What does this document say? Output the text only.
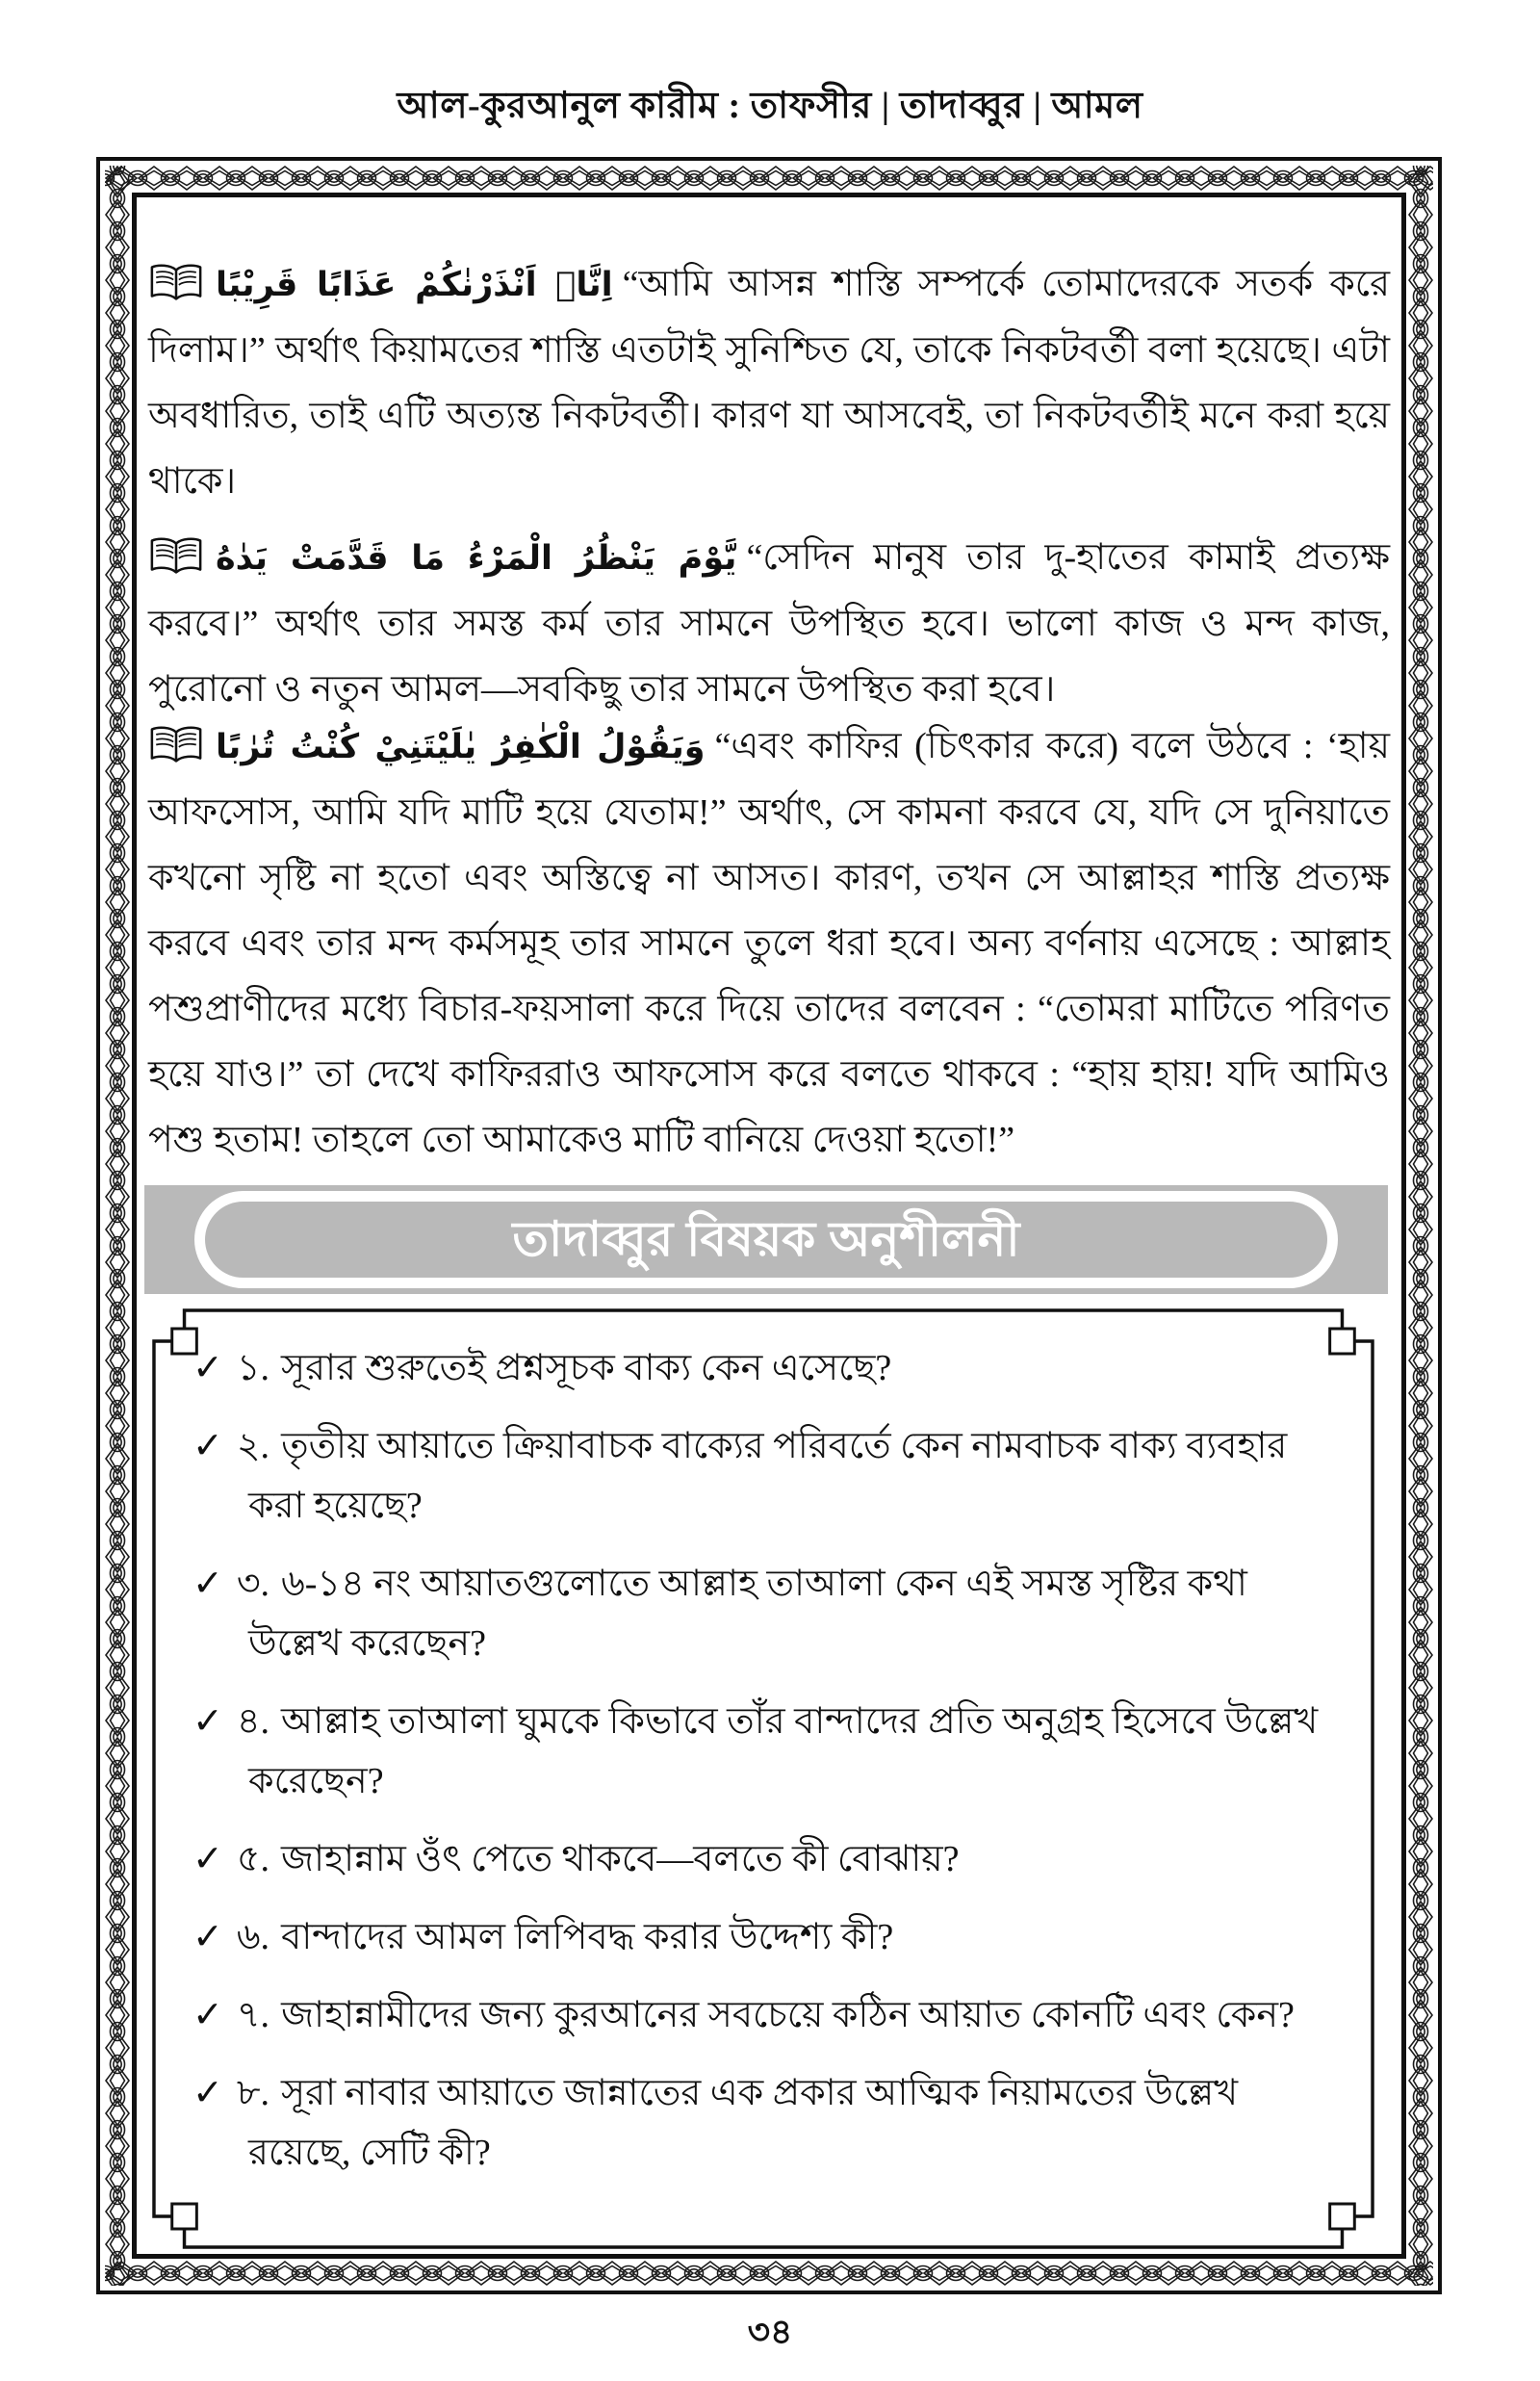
আল-কুরআনুল কারীম : তাফসীর | তাদাব্বুর | আমল

اِنَّاۤ اَنْذَرْنٰكُمْ عَذَابًا قَرِيْبًا “আমি আসন্ন শাস্তি সম্পর্কে তোমাদেরকে সতর্ক করে দিলাম।” অর্থাৎ কিয়ামতের শাস্তি এতটাই সুনিশ্চিত যে, তাকে নিকটবর্তী বলা হয়েছে। এটা অবধারিত, তাই এটি অত্যন্ত নিকটবর্তী। কারণ যা আসবেই, তা নিকটবর্তীই মনে করা হয়ে থাকে।

يَّوْمَ يَنْظُرُ الْمَرْءُ مَا قَدَّمَتْ يَدٰهُ “সেদিন মানুষ তার দু-হাতের কামাই প্রত্যক্ষ করবে।” অর্থাৎ তার সমস্ত কর্ম তার সামনে উপস্থিত হবে। ভালো কাজ ও মন্দ কাজ, পুরোনো ও নতুন আমল—সবকিছু তার সামনে উপস্থিত করা হবে।

وَيَقُوْلُ الْكٰفِرُ يٰلَيْتَنِيْ كُنْتُ تُرٰبًا “এবং কাফির (চিৎকার করে) বলে উঠবে : ‘হায় আফসোস, আমি যদি মাটি হয়ে যেতাম!” অর্থাৎ, সে কামনা করবে যে, যদি সে দুনিয়াতে কখনো সৃষ্টি না হতো এবং অস্তিত্বে না আসত। কারণ, তখন সে আল্লাহর শাস্তি প্রত্যক্ষ করবে এবং তার মন্দ কর্মসমূহ তার সামনে তুলে ধরা হবে। অন্য বর্ণনায় এসেছে : আল্লাহ পশুপ্রাণীদের মধ্যে বিচার-ফয়সালা করে দিয়ে তাদের বলবেন : “তোমরা মাটিতে পরিণত হয়ে যাও।” তা দেখে কাফিররাও আফসোস করে বলতে থাকবে : “হায় হায়! যদি আমিও পশু হতাম! তাহলে তো আমাকেও মাটি বানিয়ে দেওয়া হতো!”

তাদাব্বুর বিষয়ক অনুশীলনী
✓ ১. সূরার শুরুতেই প্রশ্নসূচক বাক্য কেন এসেছে?
✓ ২. তৃতীয় আয়াতে ক্রিয়াবাচক বাক্যের পরিবর্তে কেন নামবাচক বাক্য ব্যবহার করা হয়েছে?
✓ ৩. ৬-১৪ নং আয়াতগুলোতে আল্লাহ তাআলা কেন এই সমস্ত সৃষ্টির কথা উল্লেখ করেছেন?
✓ ৪. আল্লাহ তাআলা ঘুমকে কিভাবে তাঁর বান্দাদের প্রতি অনুগ্রহ হিসেবে উল্লেখ করেছেন?
✓ ৫. জাহান্নাম ওঁৎ পেতে থাকবে—বলতে কী বোঝায়?
✓ ৬. বান্দাদের আমল লিপিবদ্ধ করার উদ্দেশ্য কী?
✓ ৭. জাহান্নামীদের জন্য কুরআনের সবচেয়ে কঠিন আয়াত কোনটি এবং কেন?
✓ ৮. সূরা নাবার আয়াতে জান্নাতের এক প্রকার আত্মিক নিয়ামতের উল্লেখ রয়েছে, সেটি কী?
৩৪
